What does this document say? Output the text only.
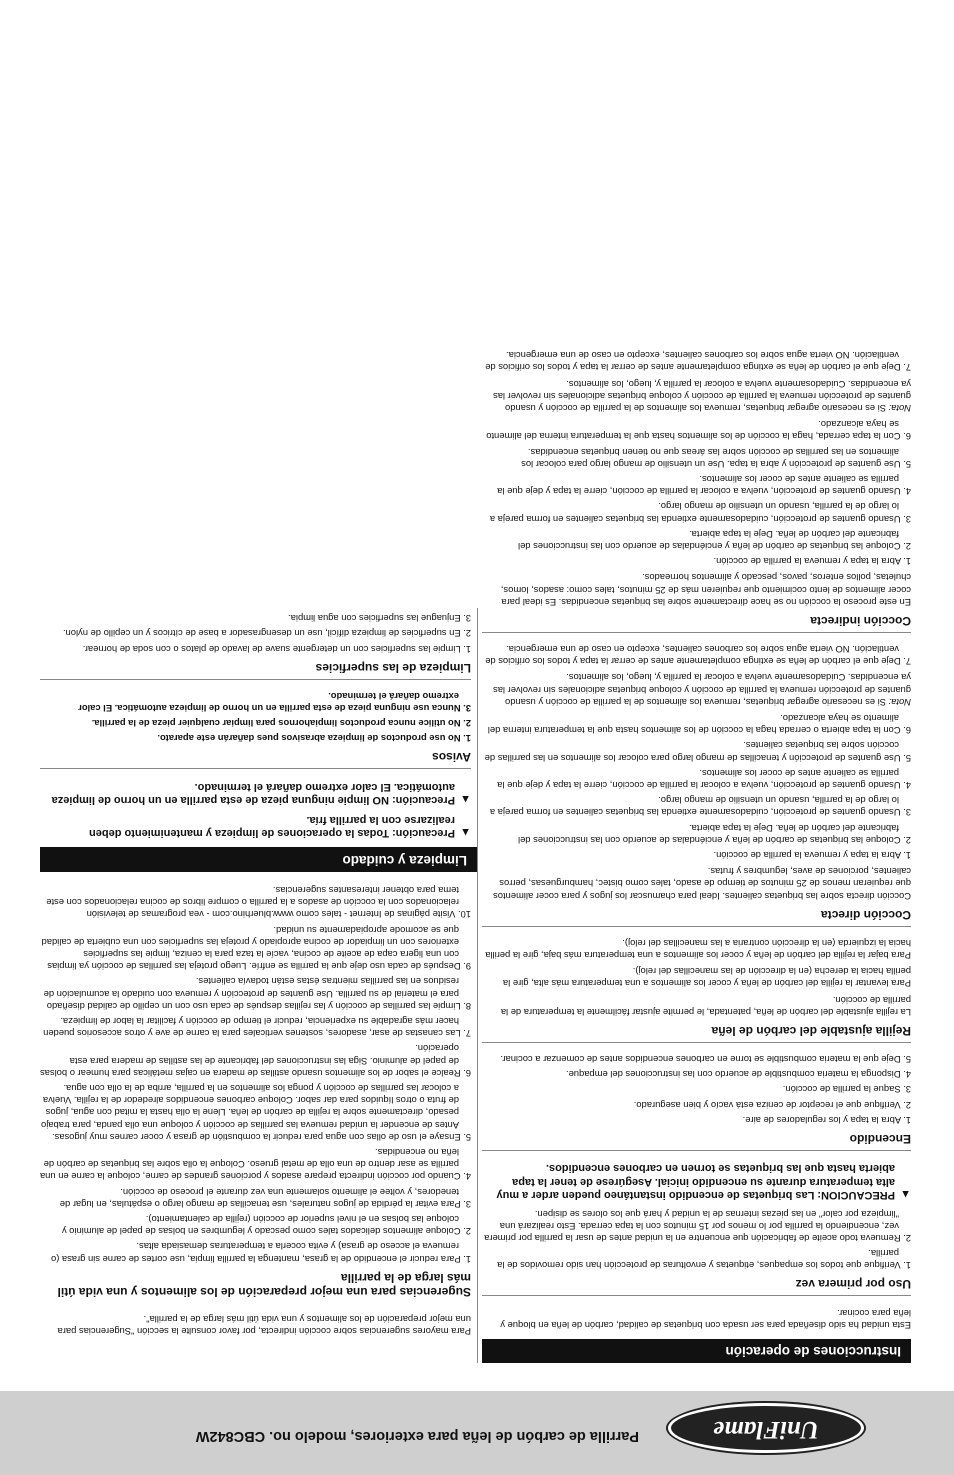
UniFlame
Parrilla de carbón de leña para exteriores, modelo no. CBC842W
Instrucciones de operación

Esta unidad ha sido diseñada para ser usada con briquetas de calidad, carbón de leña en bloque y leña para cocinar.

Uso por primera vez
1. Verifique que todos los empaques, etiquetas y envolturas de protección han sido removidos de la parrilla.
2. Remueva todo aceite de fabricación que encuentre en la unidad antes de usar la parrilla por primera vez, encendiendo la parrilla por lo menos por 15 minutos con la tapa cerrada. Esto realizará una "limpieza por calor" en las piezas internas de la unidad y hará que los olores se disipen.
▲
PRECAUCION: Las briquetas de encendido instantáneo pueden arder a muy alta temperatura durante su encendido inicial. Asegúrese de tener la tapa abierta hasta que las briquetas se tornen en carbones encendidos.
Encendido
1. Abra la tapa y los reguladores de aire.
2. Verifique que el receptor de ceniza está vacío y bien asegurado.
3. Saque la parrilla de cocción.
4. Disponga la materia combustible de acuerdo con las instrucciones del empaque.
5. Deje que la materia combustible se torne en carbones encendidos antes de comenzar a cocinar.
Rejilla ajustable del carbón de leña

La rejilla ajustable del carbón de leña, patentada, le permite ajustar fácilmente la temperatura de la parrilla de cocción.

Para levantar la rejilla del carbón de leña y cocer los alimentos a una temperatura más alta, gire la perilla hacia la derecha (en la dirección de las manecillas del reloj).

Para bajar la rejilla del carbón de leña y cocer los alimentos a una temperatura más baja, gire la perilla hacia la izquierda (en la dirección contraria a las manecillas del reloj).

Cocción directa

Cocción directa sobre las briquetas calientes. Ideal para chamuscar los jugos y para cocer alimentos que requieran menos de 25 minutos de tiempo de asado, tales como bistec, hamburguesas, perros calientes, porciones de aves, legumbres y frutas.

1. Abra la tapa y remueva la parrilla de cocción.
2. Coloque las briquetas de carbón de leña y enciéndalas de acuerdo con las instrucciones del fabricante del carbón de leña. Deje la tapa abierta.
3. Usando guantes de protección, cuidadosamente extienda las briquetas calientes en forma pareja a lo largo de la parrilla, usando un utensilio de mango largo.
4. Usando guantes de protección, vuelva a colocar la parrilla de cocción, cierre la tapa y deje que la parrilla se caliente antes de cocer los alimentos.
5. Use guantes de protección y tenacillas de mango largo para colocar los alimentos en las parrillas de cocción sobre las briquetas calientes.
6. Con la tapa abierta o cerrada haga la cocción de los alimentos hasta que la temperatura interna del alimento se haya alcanzado.

Nota: Si es necesario agregar briquetas, remueva los alimentos de la parrilla de cocción y usando guantes de protección remueva la parrilla de cocción y coloque briquetas adicionales sin revolver las ya encendidas. Cuidadosamente vuelva a colocar la parrilla y, luego, los alimentos.

7. Deje que el carbón de leña se extinga completamente antes de cerrar la tapa y todos los orificios de ventilación. NO vierta agua sobre los carbones calientes, excepto en caso de una emergencia.
Cocción indirecta

En este proceso la cocción no se hace directamente sobre las briquetas encendidas. Es ideal para cocer alimentos de lento cocimiento que requieren más de 25 minutos, tales como: asados, lomos, chuletas, pollos enteros, pavos, pescado y alimentos horneados.

1. Abra la tapa y remueva la parrilla de cocción.
2. Coloque las briquetas de carbón de leña y enciéndalas de acuerdo con las instrucciones del fabricante del carbón de leña. Deje la tapa abierta.
3. Usando guantes de protección, cuidadosamente extienda las briquetas calientes en forma pareja a lo largo de la parrilla, usando un utensilio de mango largo.
4. Usando guantes de protección, vuelva a colocar la parrilla de cocción, cierre la tapa y deje que la parrilla se caliente antes de cocer los alimentos.
5. Use guantes de protección y abra la tapa. Use un utensilio de mango largo para colocar los alimentos en las parrillas de cocción sobre las áreas que no tienen briquetas encendidas.
6. Con la tapa cerrada, haga la cocción de los alimentos hasta que la temperatura interna del alimento se haya alcanzado.

Nota: Si es necesario agregar briquetas, remueva los alimentos de la parrilla de cocción y usando guantes de protección remueva la parrilla de cocción y coloque briquetas adicionales sin revolver las ya encendidas. Cuidadosamente vuelva a colocar la parrilla y, luego, los alimentos.

7. Deje que el carbón de leña se extinga completamente antes de cerrar la tapa y todos los orificios de ventilación. NO vierta agua sobre los carbones calientes, excepto en caso de una emergencia.

Para mayores sugerencias sobre cocción indirecta, por favor consulte la sección "Sugerencias para una mejor preparación de los alimentos y una vida útil más larga de la parrilla".

Sugerencias para una mejor preparación de los alimentos y una vida útil más larga de la parrilla
1. Para reducir el encendido de la grasa, mantenga la parrilla limpia, use cortes de carne sin grasa (o remueva el acceso de grasa) y evita cocerla a temperaturas demasiada altas.
2. Coloque alimentos delicados tales como pescado y legumbres en bolsas de papel de aluminio y coloque las bolsas en el nivel superior de cocción (rejilla de calentamiento).
3. Para evitar la pérdida de jugos naturales, use tenacillas de mango largo o espátulas, en lugar de tenedores, y voltee el alimento solamente una vez durante el proceso de cocción.
4. Cuando por cocción indirecta prepare asados y porciones grandes de carne, coloque la carne en una parrilla se asar dentro de una olla de metal grueso. Coloque la olla sobre las briquetas de carbón de leña no encendidas.
5. Ensaye el uso de ollas con agua para reducir la combustión de grasa y cocer carnes muy jugosas. Antes de encender la unidad remueva las parrillas de cocción y coloque una olla panda, para trabajo pesado, directamente sobre la rejilla de carbón de leña. Llene la olla hasta la mitad con agua, jugos de fruta o otros líquidos para dar sabor. Coloque carbones encendidos alrededor de la rejilla. Vuelva a colocar las parrillas de cocción y ponga los alimentos en la parrilla, arriba de la olla con agua.
6. Realce el sabor de los alimentos usando astillas de madera en cajas metálicas para humear o bolsas de papel de aluminio. Siga las instrucciones del fabricante de las astillas de madera para esta operación.
7. Las canastas de asar, asadores, sostenes verticales para la carne de ave y otros accesorios pueden hacer más agradable su experiencia, reducir el tiempo de cocción y facilitar la labor de limpieza.
8. Limpie las parrillas de cocción y las rejillas después de cada uso con un cepillo de calidad diseñado para el material de su parrilla. Use guantes de protección y remueva con cuidado la acumulación de residuos en las parrillas mientras éstas están todavía calientes.
9. Después de cada uso deje que la parrilla se enfríe. Luego proteja las parrillas de cocción ya limpias con una ligera capa de aceite de cocina, vacíe la taza para la ceniza, limpie las superficies exteriores con un limpiador de cocina apropiado y proteja las superficies con una cubierta de calidad que se acomode apropiadamente su unidad.
10. Visite páginas de Internet - tales como www.bluerhino.com - vea programas de televisión relacionados con la cocción de asados a la parrilla o compre libros de cocina relacionados con este tema para obtener interesantes sugerencias.
Limpieza y cuidado
▲
Precaución: Todas la operaciones de limpieza y mantenimiento deben realizarse con la parrilla fría.
▲
Precaución: NO limpie ninguna pieza de esta parrilla en un horno de limpieza automática. El calor extremo dañará el terminado.
Avisos
1. No use productos de limpieza abrasivos pues dañarán este aparato.
2. No utilice nunca productos limpiahornos para limpiar cualquier pieza de la parrilla.
3. Nunca use ninguna pieza de esta parrilla en un horno de limpieza automática. El calor extremo dañará el terminado.
Limpieza de las superficies
1. Limpie las superficies con un detergente suave de lavado de platos o con soda de hornear.
2. En superficies de limpieza difícil, use un desengrasador a base de cítricos y un cepillo de nylon.
3. Enjuague las superficies con agua limpia.
